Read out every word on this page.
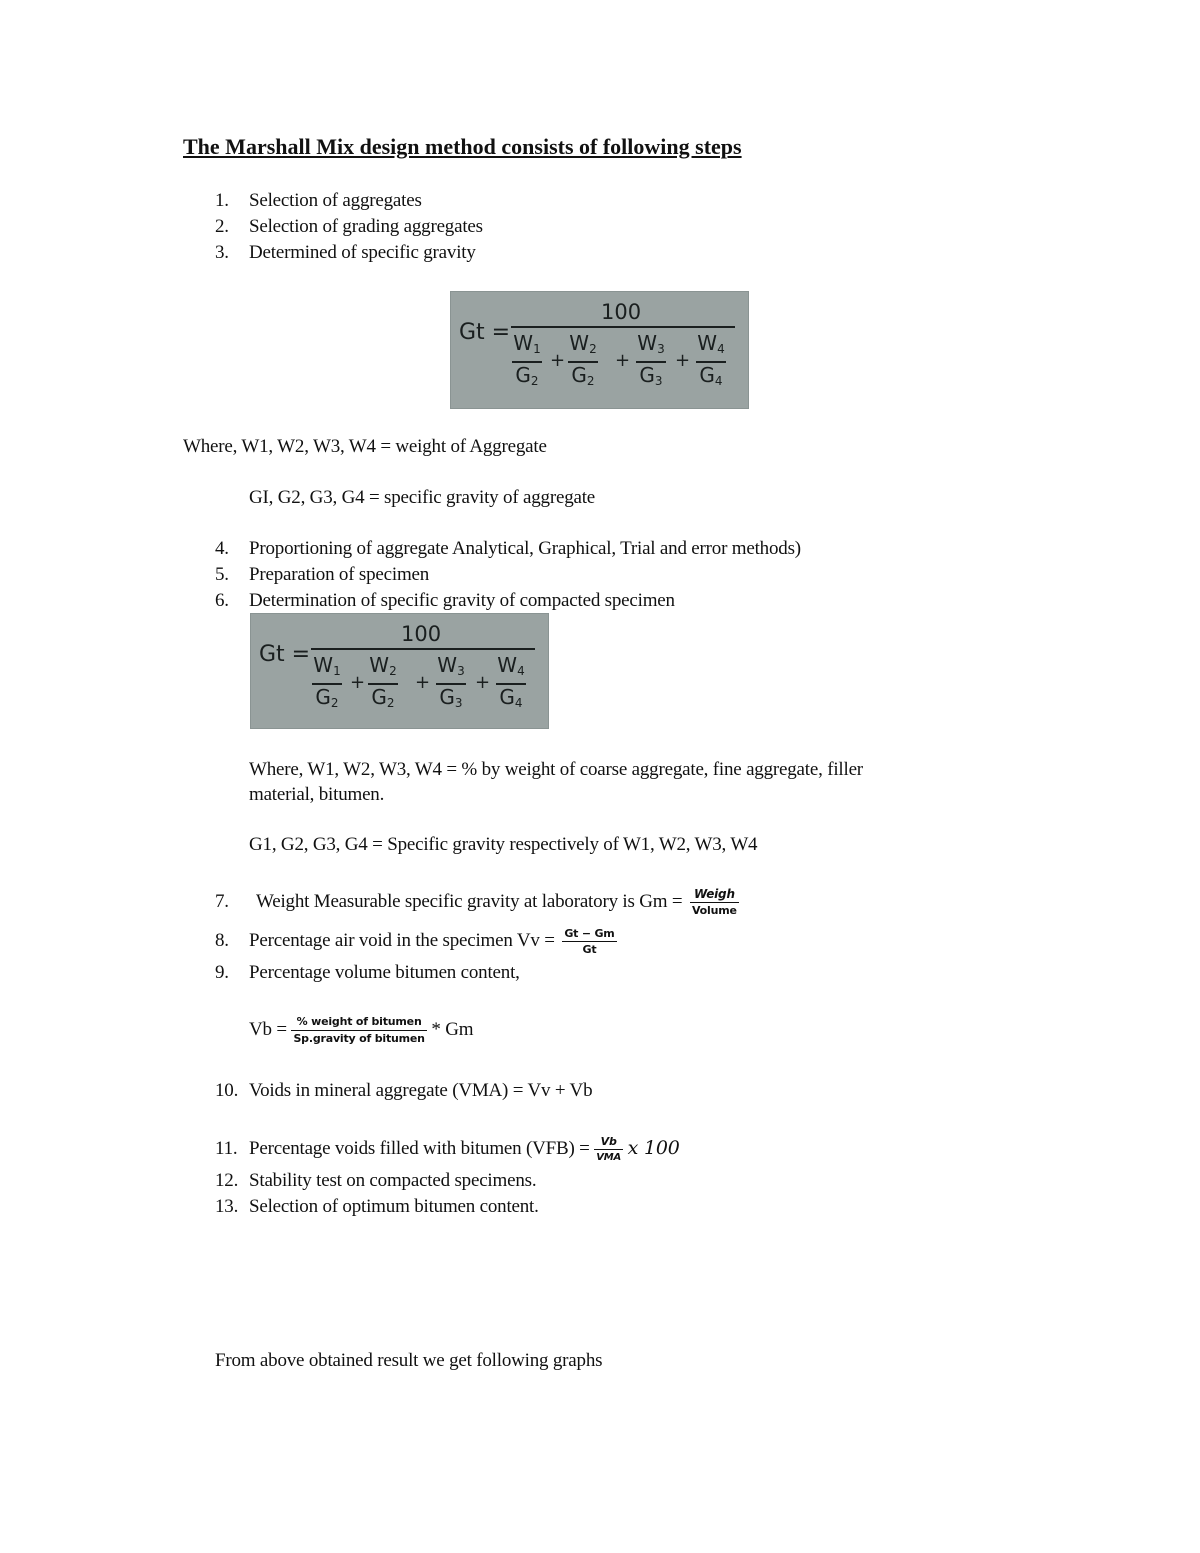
The Marshall Mix design method consists of following steps
1. Selection of aggregates
2. Selection of grading aggregates
3. Determined of specific gravity
Gt =
100
$W_1$
$G_2$
+
$W_2$
$G_2$
+
$W_3$
$G_3$
+
$W_4$
$G_4$
Where, W1, W2, W3, W4 = weight of Aggregate
GI, G2, G3, G4 = specific gravity of aggregate
4. Proportioning of aggregate Analytical, Graphical, Trial and error methods)
5. Preparation of specimen
6. Determination of specific gravity of compacted specimen
Gt =
100
$W_1$
$G_2$
+
$W_2$
$G_2$
+
$W_3$
$G_3$
+
$W_4$
$G_4$
Where, W1, W2, W3, W4 = % by weight of coarse aggregate, fine aggregate, filler
material, bitumen.
G1, G2, G3, G4 = Specific gravity respectively of W1, W2, W3, W4
7. Weight Measurable specific gravity at laboratory is Gm = Weigh
Volume
8. Percentage air void in the specimen $Vv = \frac{Gt - Gm}{Gt}$
9. Percentage volume bitumen content,
Vb = % weight of bitumen
Sp.gravity of bitumen * Gm
10. Voids in mineral aggregate (VMA) = Vv + Vb
11. Percentage voids filled with bitumen (VFB) = Vb
VMA x 100
12. Stability test on compacted specimens.
13. Selection of optimum bitumen content.
From above obtained result we get following graphs
